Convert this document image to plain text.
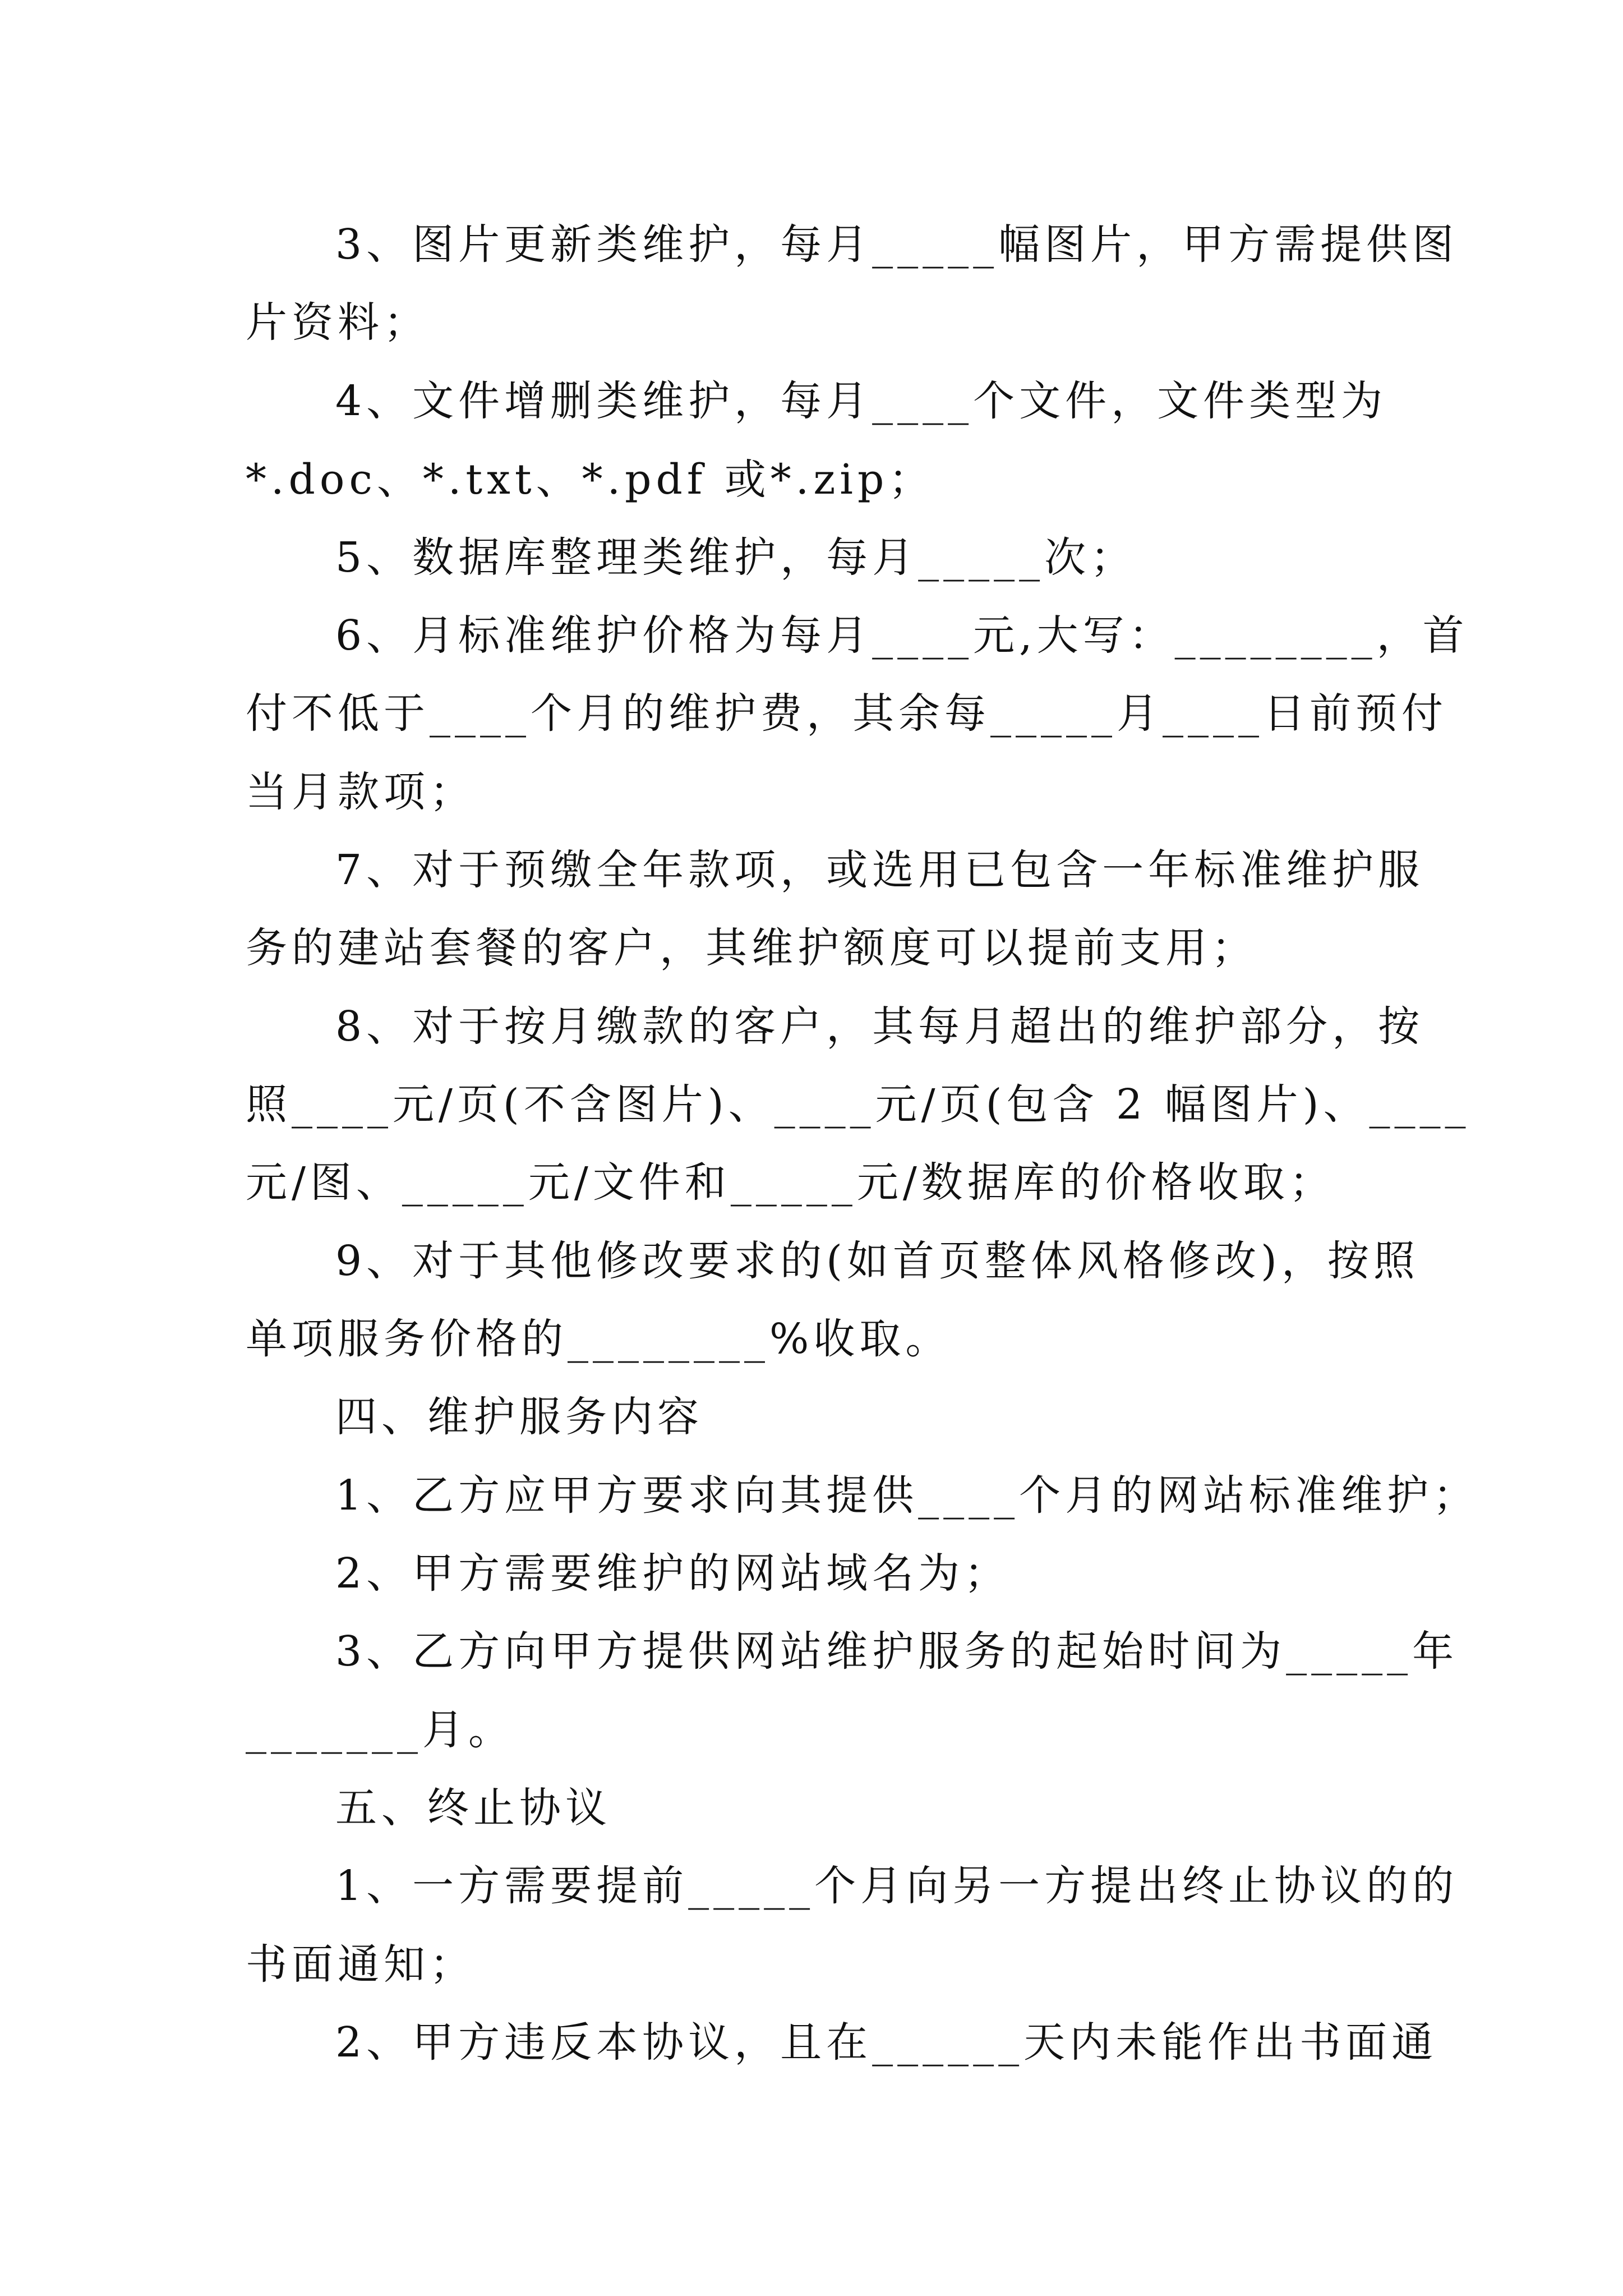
3、图片更新类维护，每月_____幅图片，甲方需提供图
片资料；
4、文件增删类维护，每月____个文件，文件类型为
*.doc、*.txt、*.pdf 或*.zip；
5、数据库整理类维护，每月_____次；
6、月标准维护价格为每月____元,大写：________，首
付不低于____个月的维护费，其余每_____月____日前预付
当月款项；
7、对于预缴全年款项，或选用已包含一年标准维护服
务的建站套餐的客户，其维护额度可以提前支用；
8、对于按月缴款的客户，其每月超出的维护部分，按
照____元/页(不含图片)、____元/页(包含 2 幅图片)、____
元/图、_____元/文件和_____元/数据库的价格收取；
9、对于其他修改要求的(如首页整体风格修改)，按照
单项服务价格的________%收取。
四、维护服务内容
1、乙方应甲方要求向其提供____个月的网站标准维护；
2、甲方需要维护的网站域名为；
3、乙方向甲方提供网站维护服务的起始时间为_____年
_______月。
五、终止协议
1、一方需要提前_____个月向另一方提出终止协议的的
书面通知；
2、甲方违反本协议，且在______天内未能作出书面通
